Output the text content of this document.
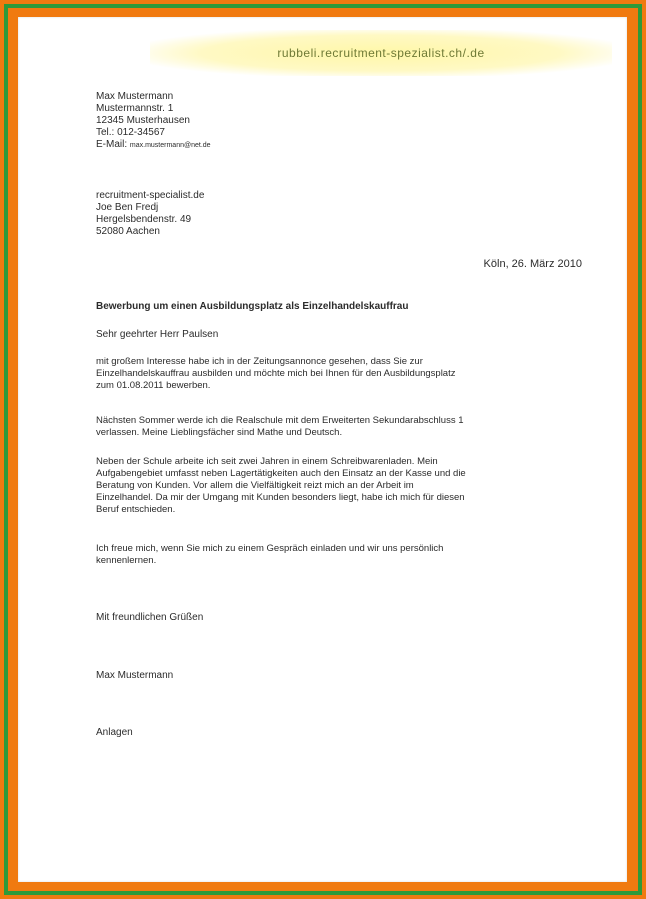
rubbeli.recruitment-spezialist.ch/.de
Max Mustermann
Mustermannstr. 1
12345 Musterhausen
Tel.: 012-34567
E-Mail: max.mustermann@net.de
recruitment-specialist.de
Joe Ben Fredj
Hergelsbendenstr. 49
52080 Aachen
Köln, 26. März 2010
Bewerbung um einen Ausbildungsplatz als Einzelhandelskauffrau
Sehr geehrter Herr Paulsen
mit großem Interesse habe ich in der Zeitungsannonce gesehen, dass Sie zur
Einzelhandelskauffrau ausbilden und möchte mich bei Ihnen für den Ausbildungsplatz
zum 01.08.2011 bewerben.
Nächsten Sommer werde ich die Realschule mit dem Erweiterten Sekundarabschluss 1
verlassen. Meine Lieblingsfächer sind Mathe und Deutsch.
Neben der Schule arbeite ich seit zwei Jahren in einem Schreibwarenladen. Mein
Aufgabengebiet umfasst neben Lagertätigkeiten auch den Einsatz an der Kasse und die
Beratung von Kunden. Vor allem die Vielfältigkeit reizt mich an der Arbeit im
Einzelhandel. Da mir der Umgang mit Kunden besonders liegt, habe ich mich für diesen
Beruf entschieden.
Ich freue mich, wenn Sie mich zu einem Gespräch einladen und wir uns persönlich
kennenlernen.
Mit freundlichen Grüßen
Max Mustermann
Anlagen
